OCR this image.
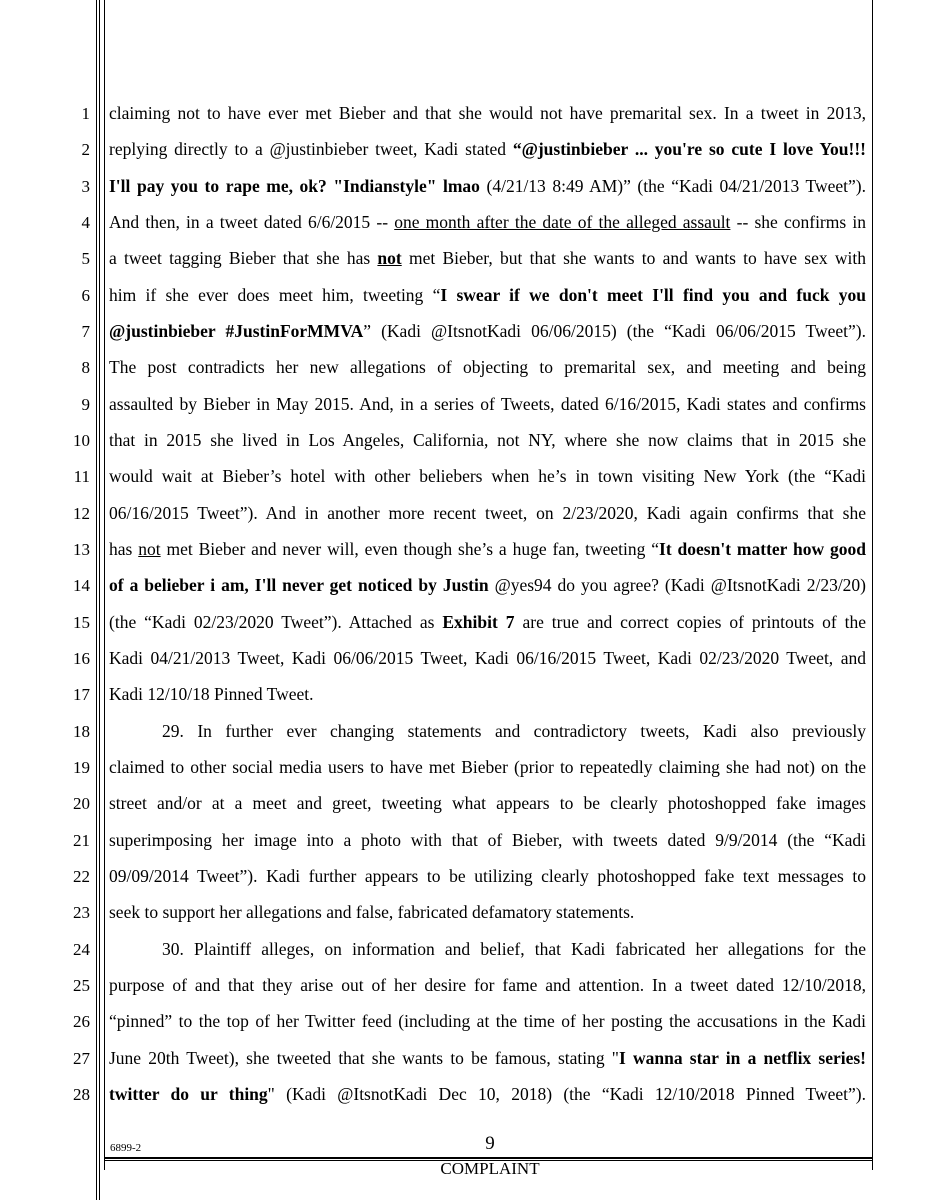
1
2
3
4
5
6
7
8
9
10
11
12
13
14
15
16
17
18
19
20
21
22
23
24
25
26
27
28
claiming not to have ever met Bieber and that she would not have premarital sex. In a tweet in 2013,
replying directly to a @justinbieber tweet, Kadi stated “@justinbieber ... you're so cute I love You!!!
I'll pay you to rape me, ok? "Indianstyle" lmao (4/21/13 8:49 AM)” (the “Kadi 04/21/2013 Tweet”).
And then, in a tweet dated 6/6/2015 -- one month after the date of the alleged assault -- she confirms in
a tweet tagging Bieber that she has not met Bieber, but that she wants to and wants to have sex with
him if she ever does meet him, tweeting “I swear if we don't meet I'll find you and fuck you
@justinbieber #JustinForMMVA” (Kadi @ItsnotKadi 06/06/2015) (the “Kadi 06/06/2015 Tweet”).
The post contradicts her new allegations of objecting to premarital sex, and meeting and being
assaulted by Bieber in May 2015. And, in a series of Tweets, dated 6/16/2015, Kadi states and confirms
that in 2015 she lived in Los Angeles, California, not NY, where she now claims that in 2015 she
would wait at Bieber’s hotel with other beliebers when he’s in town visiting New York (the “Kadi
06/16/2015 Tweet”). And in another more recent tweet, on 2/23/2020, Kadi again confirms that she
has not met Bieber and never will, even though she’s a huge fan, tweeting “It doesn't matter how good
of a belieber i am, I'll never get noticed by Justin @yes94 do you agree? (Kadi @ItsnotKadi 2/23/20)
(the “Kadi 02/23/2020 Tweet”). Attached as Exhibit 7 are true and correct copies of printouts of the
Kadi 04/21/2013 Tweet, Kadi 06/06/2015 Tweet, Kadi 06/16/2015 Tweet, Kadi 02/23/2020 Tweet, and
Kadi 12/10/18 Pinned Tweet.
29. In further ever changing statements and contradictory tweets, Kadi also previously
claimed to other social media users to have met Bieber (prior to repeatedly claiming she had not) on the
street and/or at a meet and greet, tweeting what appears to be clearly photoshopped fake images
superimposing her image into a photo with that of Bieber, with tweets dated 9/9/2014 (the “Kadi
09/09/2014 Tweet”). Kadi further appears to be utilizing clearly photoshopped fake text messages to
seek to support her allegations and false, fabricated defamatory statements.
30. Plaintiff alleges, on information and belief, that Kadi fabricated her allegations for the
purpose of and that they arise out of her desire for fame and attention. In a tweet dated 12/10/2018,
“pinned” to the top of her Twitter feed (including at the time of her posting the accusations in the Kadi
June 20th Tweet), she tweeted that she wants to be famous, stating "I wanna star in a netflix series!
twitter do ur thing" (Kadi @ItsnotKadi Dec 10, 2018) (the “Kadi 12/10/2018 Pinned Tweet”).
6899-2	9
COMPLAINT
